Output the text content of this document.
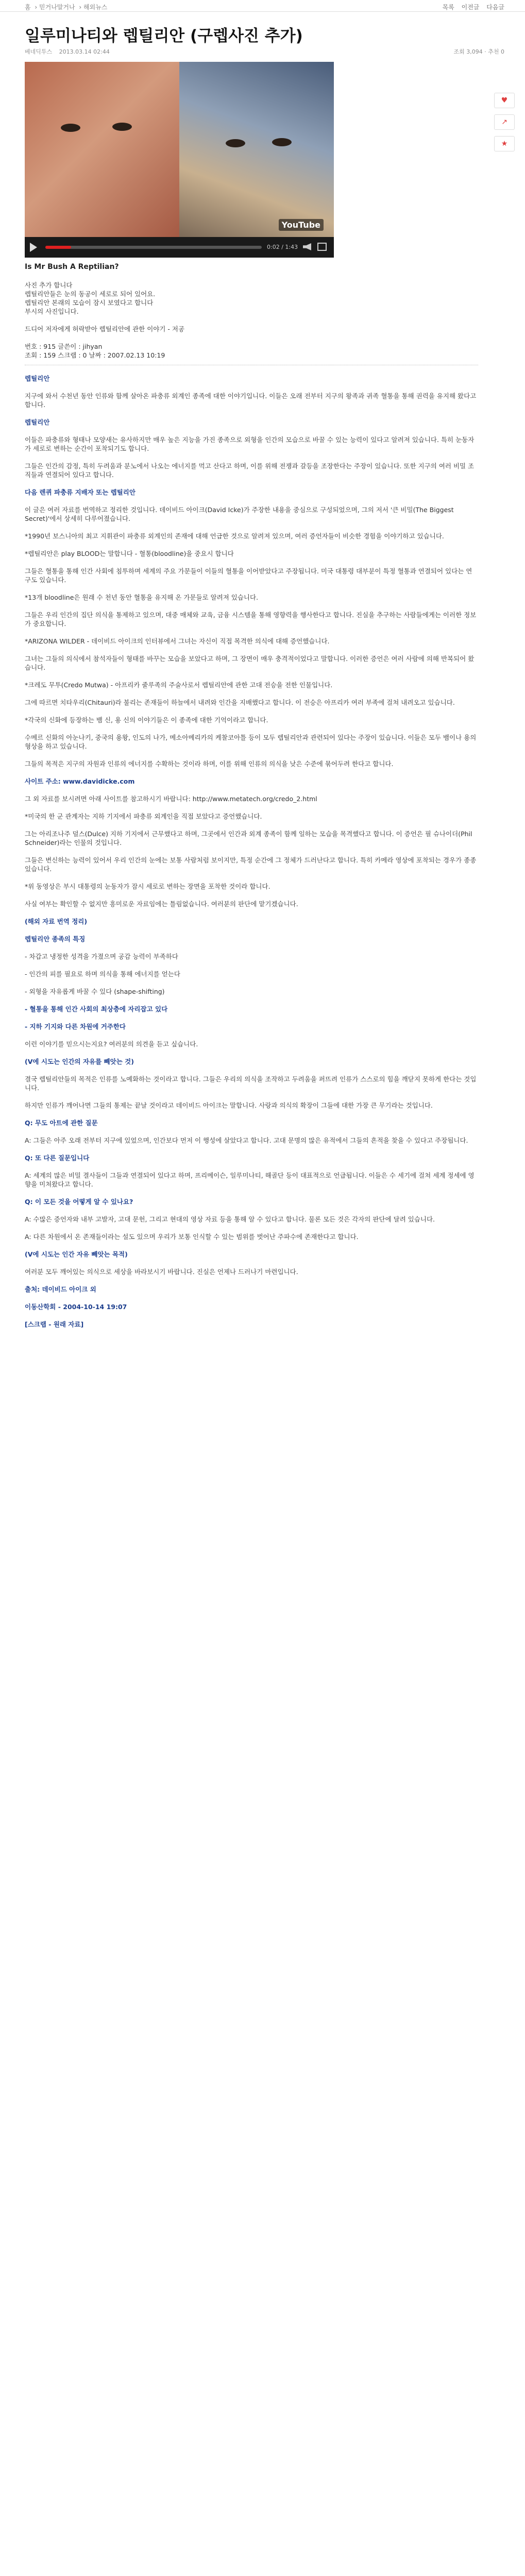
홈 › 믿거나말거나 › 해외뉴스	목록 이전글 다음글
일루미나티와 렙틸리안 (구렙사진 추가)
베네딕투스 2013.03.14 02:44	조회 3,094 · 추천 0
♥
↗
★
YouTube
0:02 / 1:43
Is Mr Bush A Reptilian?
사진 추가 합니다
렙틸리안들은 눈의 동공이 세로로 되어 있어요.
렙틸리안 본래의 모습이 잠시 보였다고 합니다
부시의 사진입니다.
드디어 저자에게 허락받아 렙틸리안에 관한 이야기 - 저공
번호 : 915 글쓴이 : jihyan
조회 : 159 스크랩 : 0 날짜 : 2007.02.13 10:19

렙틸리안

지구에 와서 수천년 동안 인류와 함께 살아온 파충류 외계인 종족에 대한 이야기입니다. 이들은 오래 전부터 지구의 왕족과 귀족 혈통을 통해 권력을 유지해 왔다고 합니다.

렙틸리안

이들은 파충류와 형태나 모양새는 유사하지만 매우 높은 지능을 가진 종족으로 외형을 인간의 모습으로 바꿀 수 있는 능력이 있다고 알려져 있습니다. 특히 눈동자가 세로로 변하는 순간이 포착되기도 합니다.

그들은 인간의 감정, 특히 두려움과 분노에서 나오는 에너지를 먹고 산다고 하며, 이를 위해 전쟁과 갈등을 조장한다는 주장이 있습니다. 또한 지구의 여러 비밀 조직들과 연결되어 있다고 합니다.

다음 렌퀴 파충류 지배자 또는 렙틸리안

이 글은 여러 자료를 번역하고 정리한 것입니다. 데이비드 아이크(David Icke)가 주장한 내용을 중심으로 구성되었으며, 그의 저서 '큰 비밀(The Biggest Secret)'에서 상세히 다루어졌습니다.

*1990년 보스니아의 최고 지휘관이 파충류 외계인의 존재에 대해 언급한 것으로 알려져 있으며, 여러 증언자들이 비슷한 경험을 이야기하고 있습니다.

*렙틸리안은 play BLOOD는 말합니다 - 혈통(bloodline)을 중요시 합니다

그들은 혈통을 통해 인간 사회에 침투하며 세계의 주요 가문들이 이들의 혈통을 이어받았다고 주장됩니다. 미국 대통령 대부분이 특정 혈통과 연결되어 있다는 연구도 있습니다.

*13개 bloodline은 원래 수 천년 동안 혈통을 유지해 온 가문들로 알려져 있습니다.

그들은 우리 인간의 집단 의식을 통제하고 있으며, 대중 매체와 교육, 금융 시스템을 통해 영향력을 행사한다고 합니다. 진실을 추구하는 사람들에게는 이러한 정보가 중요합니다.

*ARIZONA WILDER - 데이비드 아이크의 인터뷰에서 그녀는 자신이 직접 목격한 의식에 대해 증언했습니다.

그녀는 그들의 의식에서 참석자들이 형태를 바꾸는 모습을 보았다고 하며, 그 장면이 매우 충격적이었다고 말합니다. 이러한 증언은 여러 사람에 의해 반복되어 왔습니다.

*크레도 무투(Credo Mutwa) - 아프리카 줄루족의 주술사로서 렙틸리안에 관한 고대 전승을 전한 인물입니다.

그에 따르면 치타우리(Chitauri)라 불리는 존재들이 하늘에서 내려와 인간을 지배했다고 합니다. 이 전승은 아프리카 여러 부족에 걸쳐 내려오고 있습니다.

*각국의 신화에 등장하는 뱀 신, 용 신의 이야기들은 이 종족에 대한 기억이라고 합니다.

수메르 신화의 아눈나키, 중국의 용왕, 인도의 나가, 메소아메리카의 케찰코아틀 등이 모두 렙틸리안과 관련되어 있다는 주장이 있습니다. 이들은 모두 뱀이나 용의 형상을 하고 있습니다.

그들의 목적은 지구의 자원과 인류의 에너지를 수확하는 것이라 하며, 이를 위해 인류의 의식을 낮은 수준에 묶어두려 한다고 합니다.

사이트 주소: www.davidicke.com

그 외 자료를 보시려면 아래 사이트를 참고하시기 바랍니다: http://www.metatech.org/credo_2.html

*미국의 한 군 관계자는 지하 기지에서 파충류 외계인을 직접 보았다고 증언했습니다.

그는 아리조나주 덜스(Dulce) 지하 기지에서 근무했다고 하며, 그곳에서 인간과 외계 종족이 함께 일하는 모습을 목격했다고 합니다. 이 증언은 필 슈나이더(Phil Schneider)라는 인물의 것입니다.

그들은 변신하는 능력이 있어서 우리 인간의 눈에는 보통 사람처럼 보이지만, 특정 순간에 그 정체가 드러난다고 합니다. 특히 카메라 영상에 포착되는 경우가 종종 있습니다.

*위 동영상은 부시 대통령의 눈동자가 잠시 세로로 변하는 장면을 포착한 것이라 합니다.

사실 여부는 확인할 수 없지만 흥미로운 자료임에는 틀림없습니다. 여러분의 판단에 맡기겠습니다.

(해외 자료 번역 정리)

렙틸리안 종족의 특징

- 차갑고 냉정한 성격을 가졌으며 공감 능력이 부족하다

- 인간의 피를 필요로 하며 의식을 통해 에너지를 얻는다

- 외형을 자유롭게 바꿀 수 있다 (shape-shifting)

- 혈통을 통해 인간 사회의 최상층에 자리잡고 있다

- 지하 기지와 다른 차원에 거주한다

이런 이야기를 믿으시는지요? 여러분의 의견을 듣고 싶습니다.

(V에 시도는 인간의 자유를 빼앗는 것)

결국 렙틸리안들의 목적은 인류를 노예화하는 것이라고 합니다. 그들은 우리의 의식을 조작하고 두려움을 퍼뜨려 인류가 스스로의 힘을 깨닫지 못하게 한다는 것입니다.

하지만 인류가 깨어나면 그들의 통제는 끝날 것이라고 데이비드 아이크는 말합니다. 사랑과 의식의 확장이 그들에 대한 가장 큰 무기라는 것입니다.

Q: 무도 아트에 관한 질문

A: 그들은 아주 오래 전부터 지구에 있었으며, 인간보다 먼저 이 행성에 살았다고 합니다. 고대 문명의 많은 유적에서 그들의 흔적을 찾을 수 있다고 주장됩니다.

Q: 또 다른 질문입니다

A: 세계의 많은 비밀 결사들이 그들과 연결되어 있다고 하며, 프리메이슨, 일루미나티, 해골단 등이 대표적으로 언급됩니다. 이들은 수 세기에 걸쳐 세계 정세에 영향을 미쳐왔다고 합니다.

Q: 이 모든 것을 어떻게 알 수 있나요?

A: 수많은 증언자와 내부 고발자, 고대 문헌, 그리고 현대의 영상 자료 등을 통해 알 수 있다고 합니다. 물론 모든 것은 각자의 판단에 달려 있습니다.

A: 다른 차원에서 온 존재들이라는 설도 있으며 우리가 보통 인식할 수 있는 범위를 벗어난 주파수에 존재한다고 합니다.

(V에 시도는 인간 자유 빼앗는 목적)

여러분 모두 깨어있는 의식으로 세상을 바라보시기 바랍니다. 진실은 언제나 드러나기 마련입니다.

출처: 데이비드 아이크 외

이동산학회 - 2004-10-14 19:07

[스크랩 - 원래 자료]
